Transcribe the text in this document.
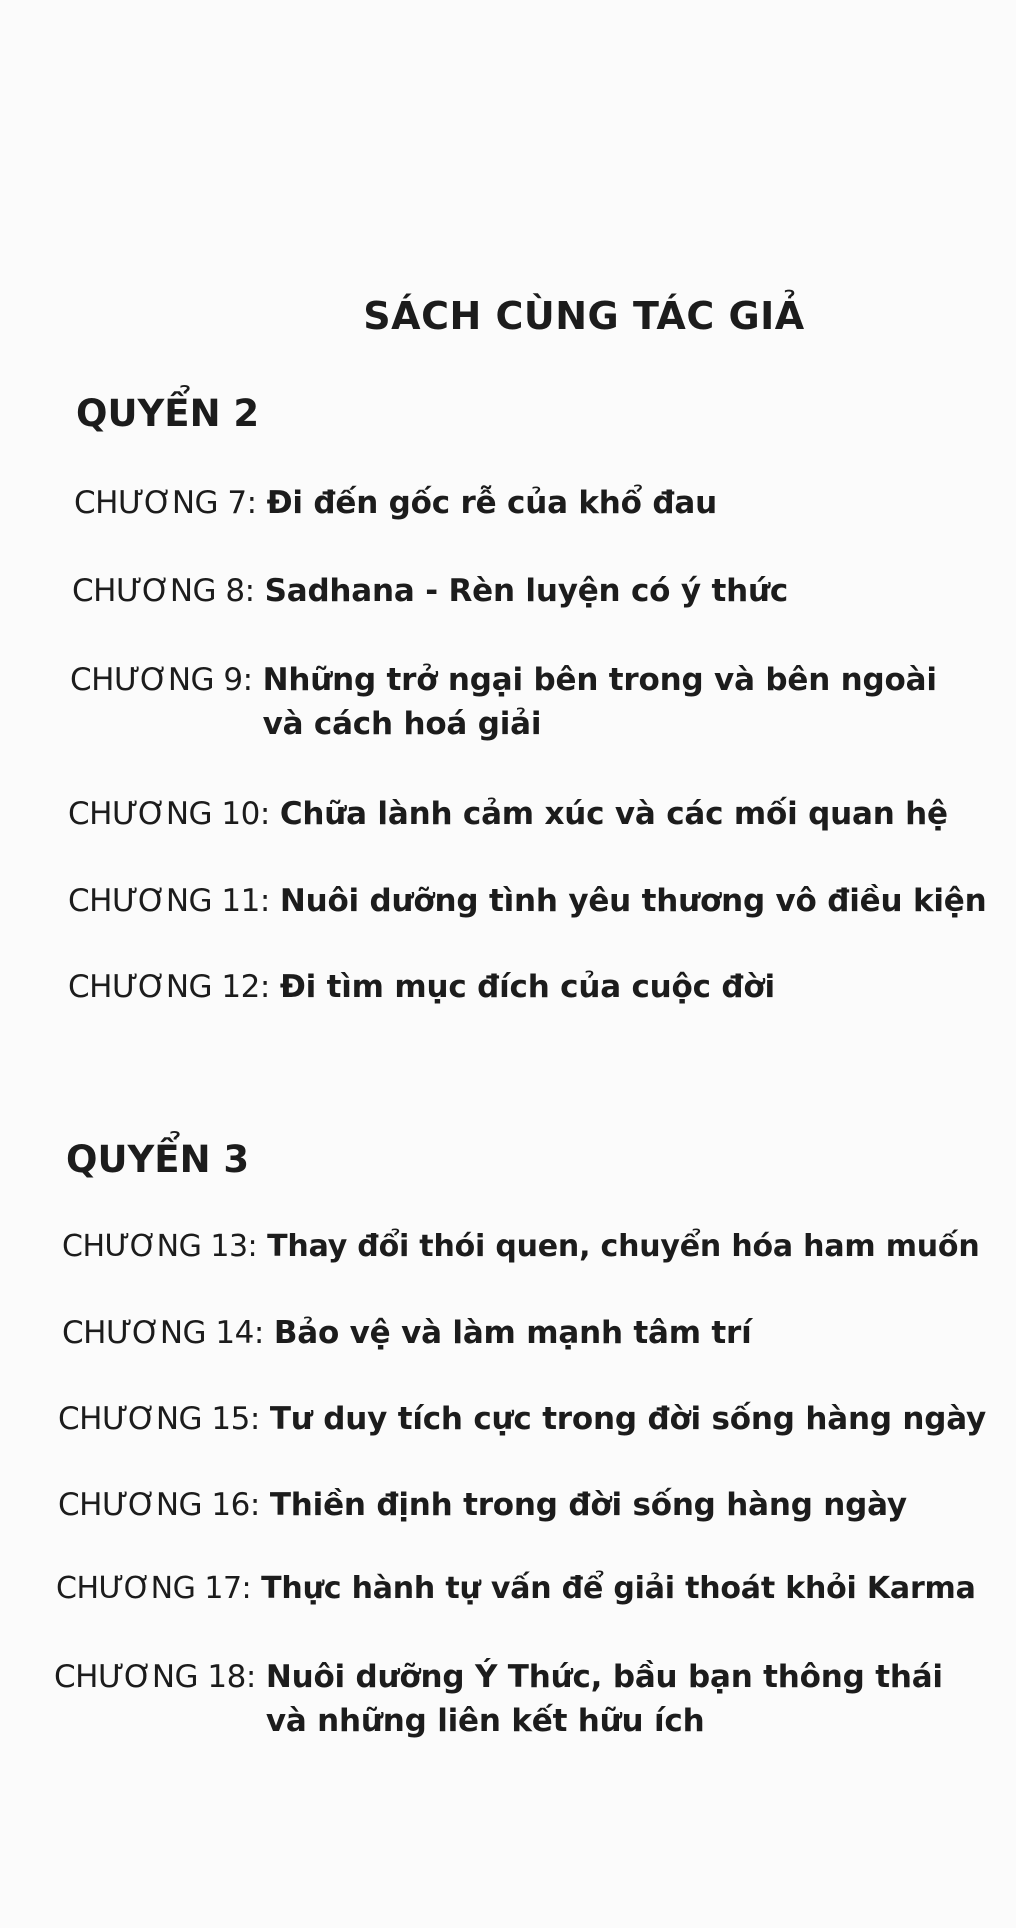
SÁCH CÙNG TÁC GIẢ
QUYỂN 2
CHƯƠNG 7: Đi đến gốc rễ của khổ đau
CHƯƠNG 8: Sadhana - Rèn luyện có ý thức
CHƯƠNG 9: Những trở ngại bên trong và bên ngoài
và cách hoá giải
CHƯƠNG 10: Chữa lành cảm xúc và các mối quan hệ
CHƯƠNG 11: Nuôi dưỡng tình yêu thương vô điều kiện
CHƯƠNG 12: Đi tìm mục đích của cuộc đời
QUYỂN 3
CHƯƠNG 13: Thay đổi thói quen, chuyển hóa ham muốn
CHƯƠNG 14: Bảo vệ và làm mạnh tâm trí
CHƯƠNG 15: Tư duy tích cực trong đời sống hàng ngày
CHƯƠNG 16: Thiền định trong đời sống hàng ngày
CHƯƠNG 17: Thực hành tự vấn để giải thoát khỏi Karma
CHƯƠNG 18: Nuôi dưỡng Ý Thức, bầu bạn thông thái
và những liên kết hữu ích
